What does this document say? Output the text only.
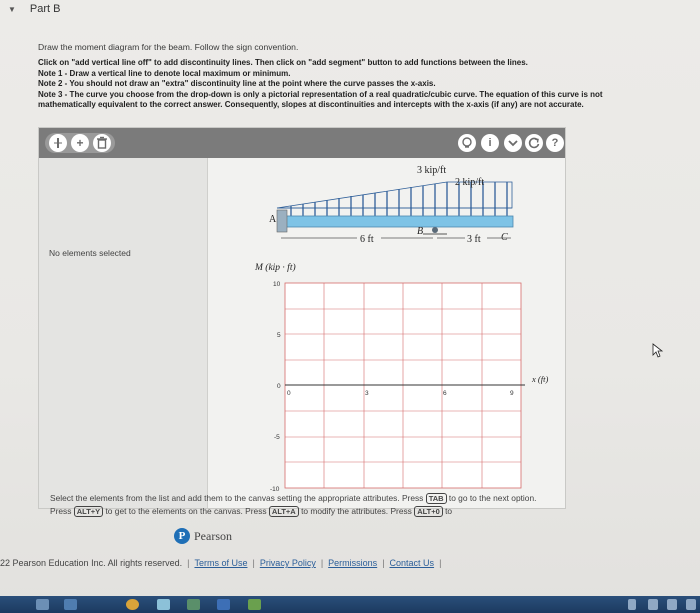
▼ Part B
Draw the moment diagram for the beam. Follow the sign convention.
Click on "add vertical line off" to add discontinuity lines. Then click on "add segment" button to add functions between the lines.
Note 1 - Draw a vertical line to denote local maximum or minimum.
Note 2 - You should not draw an "extra" discontinuity line at the point where the curve passes the x-axis.
Note 3 - The curve you choose from the drop-down is only a pictorial representation of a real quadratic/cubic curve. The equation of this curve is not
mathematically equivalent to the correct answer. Consequently, slopes at discontinuities and intercepts with the x-axis (if any) are not accurate.
+	i	?
No elements selected
3 kip/ft
2 kip/ft
A
B
C
6 ft	3 ft
M (kip · ft)
10
5
0
-5
-10
0	3	6	9
x (ft)
Select the elements from the list and add them to the canvas setting the appropriate attributes. Press TAB to go to the next option. Press ALT+Y to get to the elements on the canvas. Press ALT+A to modify the attributes. Press ALT+0 to
P Pearson
22 Pearson Education Inc. All rights reserved. | Terms of Use | Privacy Policy | Permissions | Contact Us |
